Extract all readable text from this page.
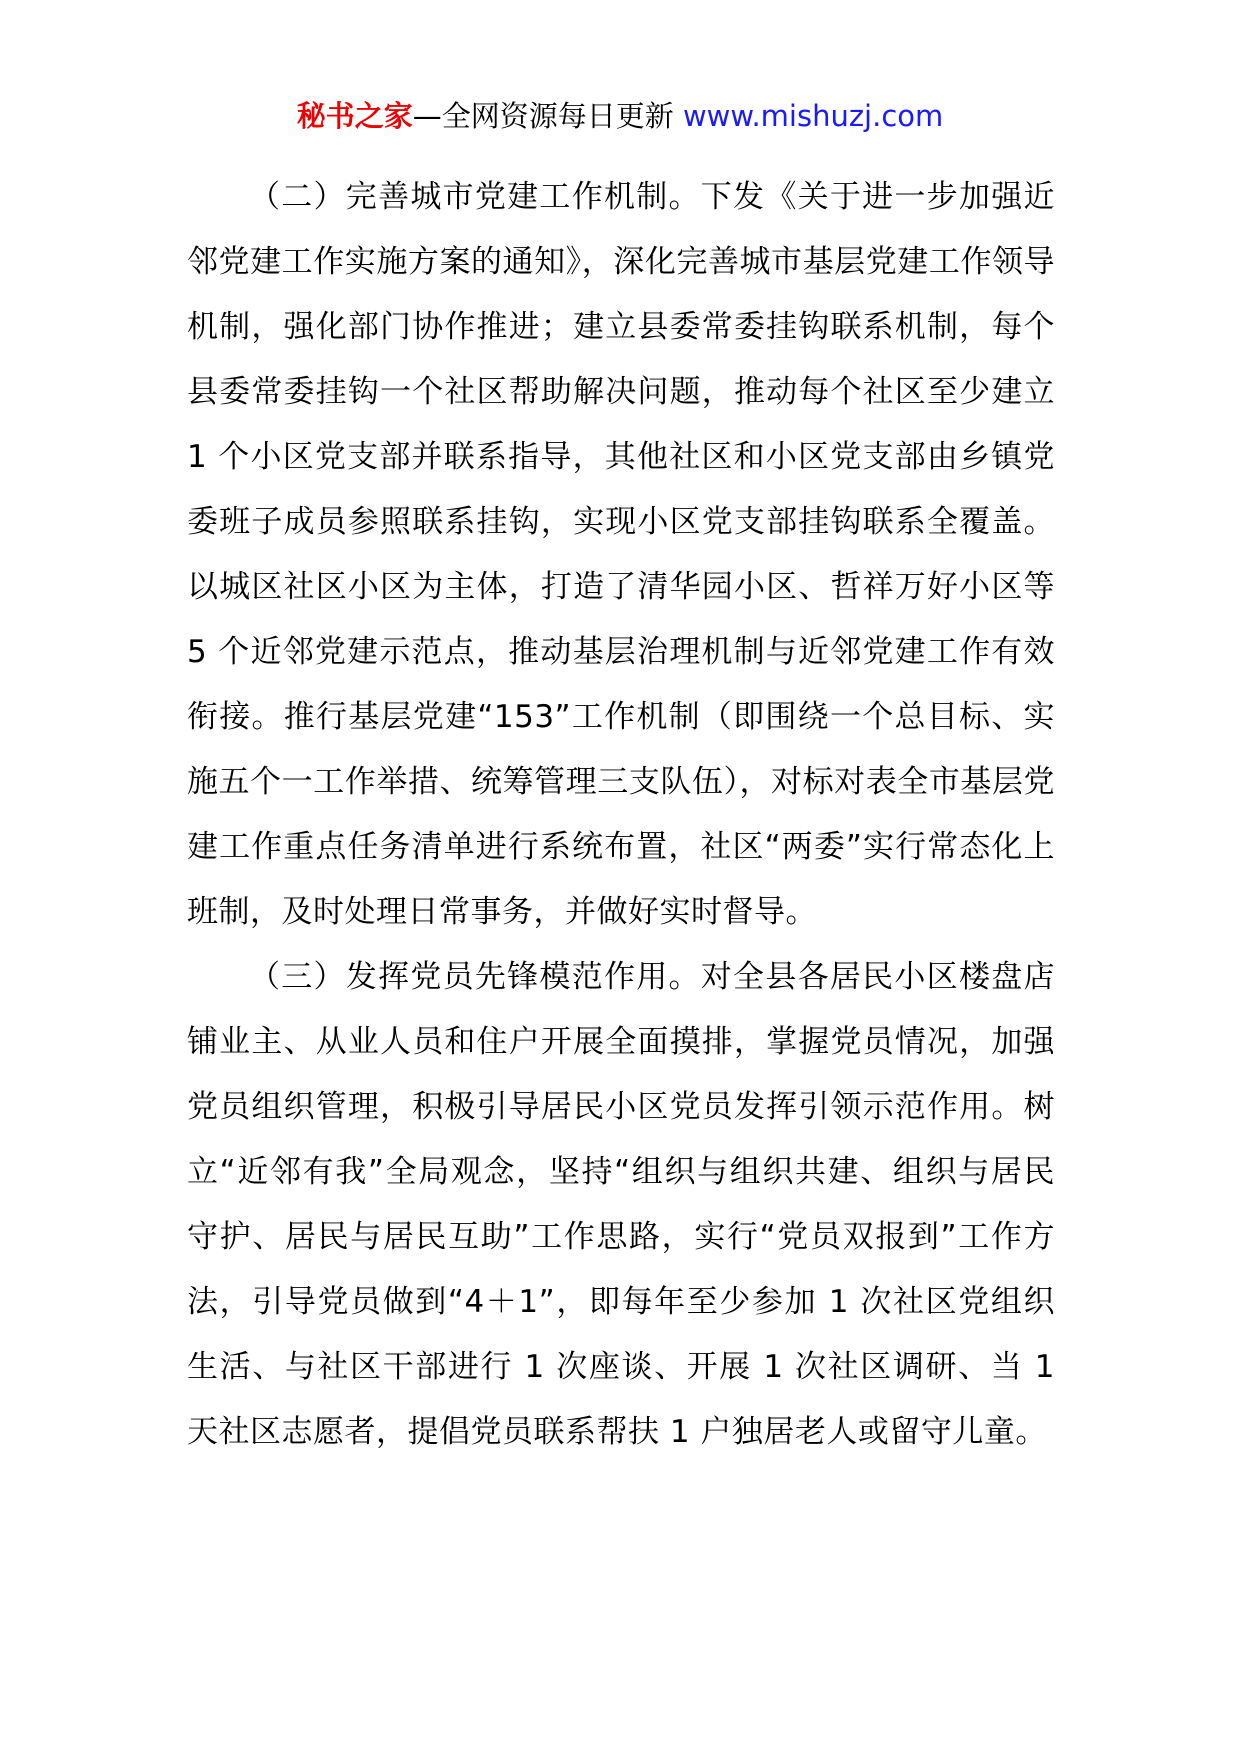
秘书之家—全网资源每日更新 www.mishuzj.com

（二）完善城市党建工作机制。下发《关于进一步加强近邻党建工作实施方案的通知》，深化完善城市基层党建工作领导机制，强化部门协作推进；建立县委常委挂钩联系机制，每个县委常委挂钩一个社区帮助解决问题，推动每个社区至少建立 1 个小区党支部并联系指导，其他社区和小区党支部由乡镇党委班子成员参照联系挂钩，实现小区党支部挂钩联系全覆盖。以城区社区小区为主体，打造了清华园小区、哲祥万好小区等 5 个近邻党建示范点，推动基层治理机制与近邻党建工作有效衔接。推行基层党建“153”工作机制（即围绕一个总目标、实施五个一工作举措、统筹管理三支队伍），对标对表全市基层党建工作重点任务清单进行系统布置，社区“两委”实行常态化上班制，及时处理日常事务，并做好实时督导。

（三）发挥党员先锋模范作用。对全县各居民小区楼盘店铺业主、从业人员和住户开展全面摸排，掌握党员情况，加强党员组织管理，积极引导居民小区党员发挥引领示范作用。树立“近邻有我”全局观念，坚持“组织与组织共建、组织与居民守护、居民与居民互助”工作思路，实行“党员双报到”工作方法，引导党员做到“4＋1”，即每年至少参加 1 次社区党组织生活、与社区干部进行 1 次座谈、开展 1 次社区调研、当 1 天社区志愿者，提倡党员联系帮扶 1 户独居老人或留守儿童。
